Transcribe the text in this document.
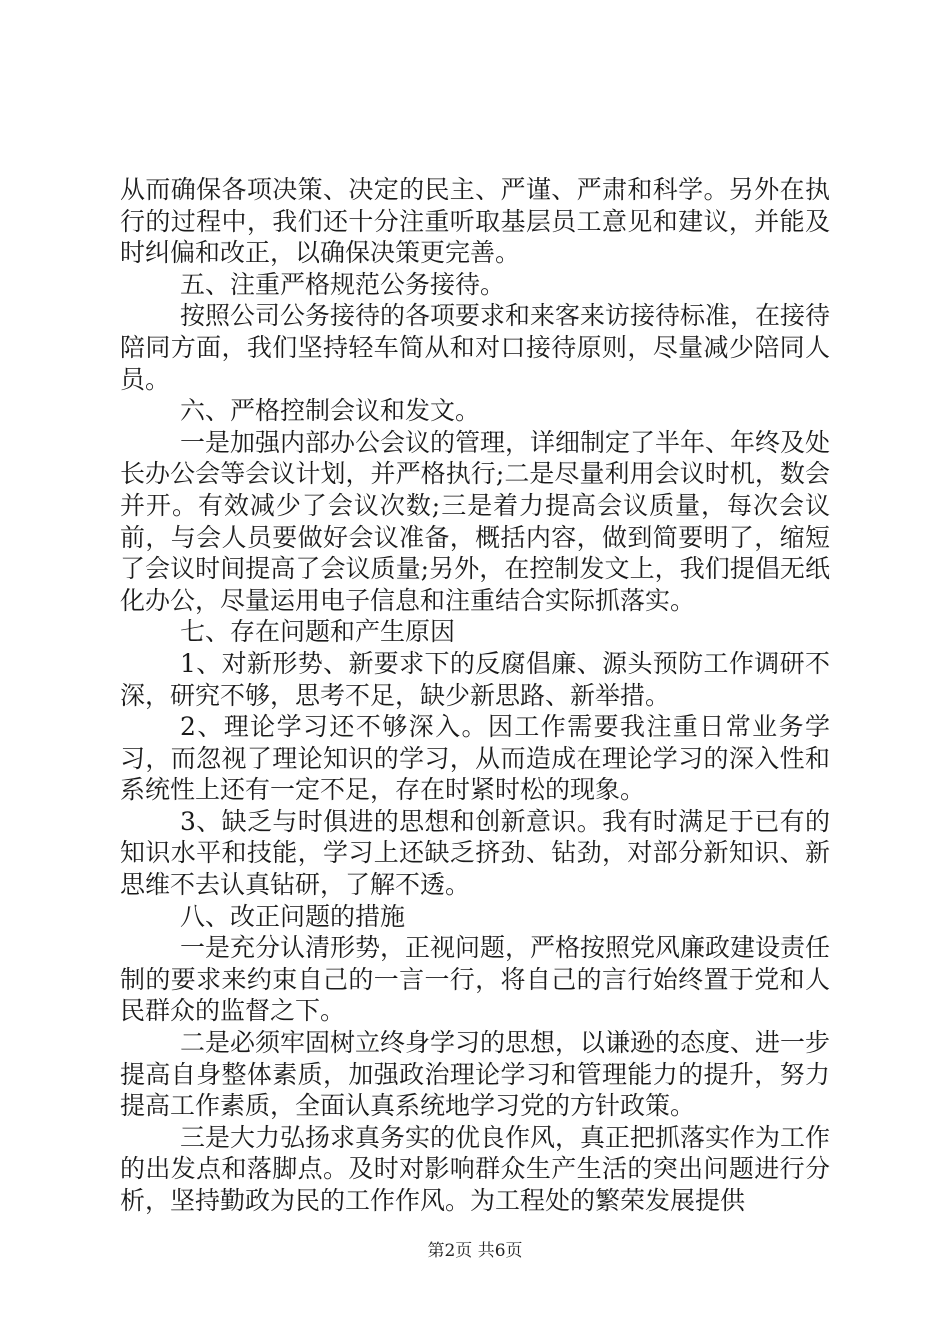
从而确保各项决策、决定的民主、严谨、严肃和科学。另外在执行的过程中，我们还十分注重听取基层员工意见和建议，并能及时纠偏和改正，以确保决策更完善。

五、注重严格规范公务接待。

按照公司公务接待的各项要求和来客来访接待标准，在接待陪同方面，我们坚持轻车简从和对口接待原则，尽量减少陪同人员。

六、严格控制会议和发文。

一是加强内部办公会议的管理，详细制定了半年、年终及处长办公会等会议计划，并严格执行;二是尽量利用会议时机，数会并开。有效减少了会议次数;三是着力提高会议质量，每次会议前，与会人员要做好会议准备，概括内容，做到简要明了，缩短了会议时间提高了会议质量;另外，在控制发文上，我们提倡无纸化办公，尽量运用电子信息和注重结合实际抓落实。

七、存在问题和产生原因

1、对新形势、新要求下的反腐倡廉、源头预防工作调研不深，研究不够，思考不足，缺少新思路、新举措。

2、理论学习还不够深入。因工作需要我注重日常业务学习，而忽视了理论知识的学习，从而造成在理论学习的深入性和系统性上还有一定不足，存在时紧时松的现象。

3、缺乏与时俱进的思想和创新意识。我有时满足于已有的知识水平和技能，学习上还缺乏挤劲、钻劲，对部分新知识、新思维不去认真钻研，了解不透。

八、改正问题的措施

一是充分认清形势，正视问题，严格按照党风廉政建设责任制的要求来约束自己的一言一行，将自己的言行始终置于党和人民群众的监督之下。

二是必须牢固树立终身学习的思想，以谦逊的态度、进一步提高自身整体素质，加强政治理论学习和管理能力的提升，努力提高工作素质，全面认真系统地学习党的方针政策。

三是大力弘扬求真务实的优良作风，真正把抓落实作为工作的出发点和落脚点。及时对影响群众生产生活的突出问题进行分析，坚持勤政为民的工作作风。为工程处的繁荣发展提供

第2页 共6页
